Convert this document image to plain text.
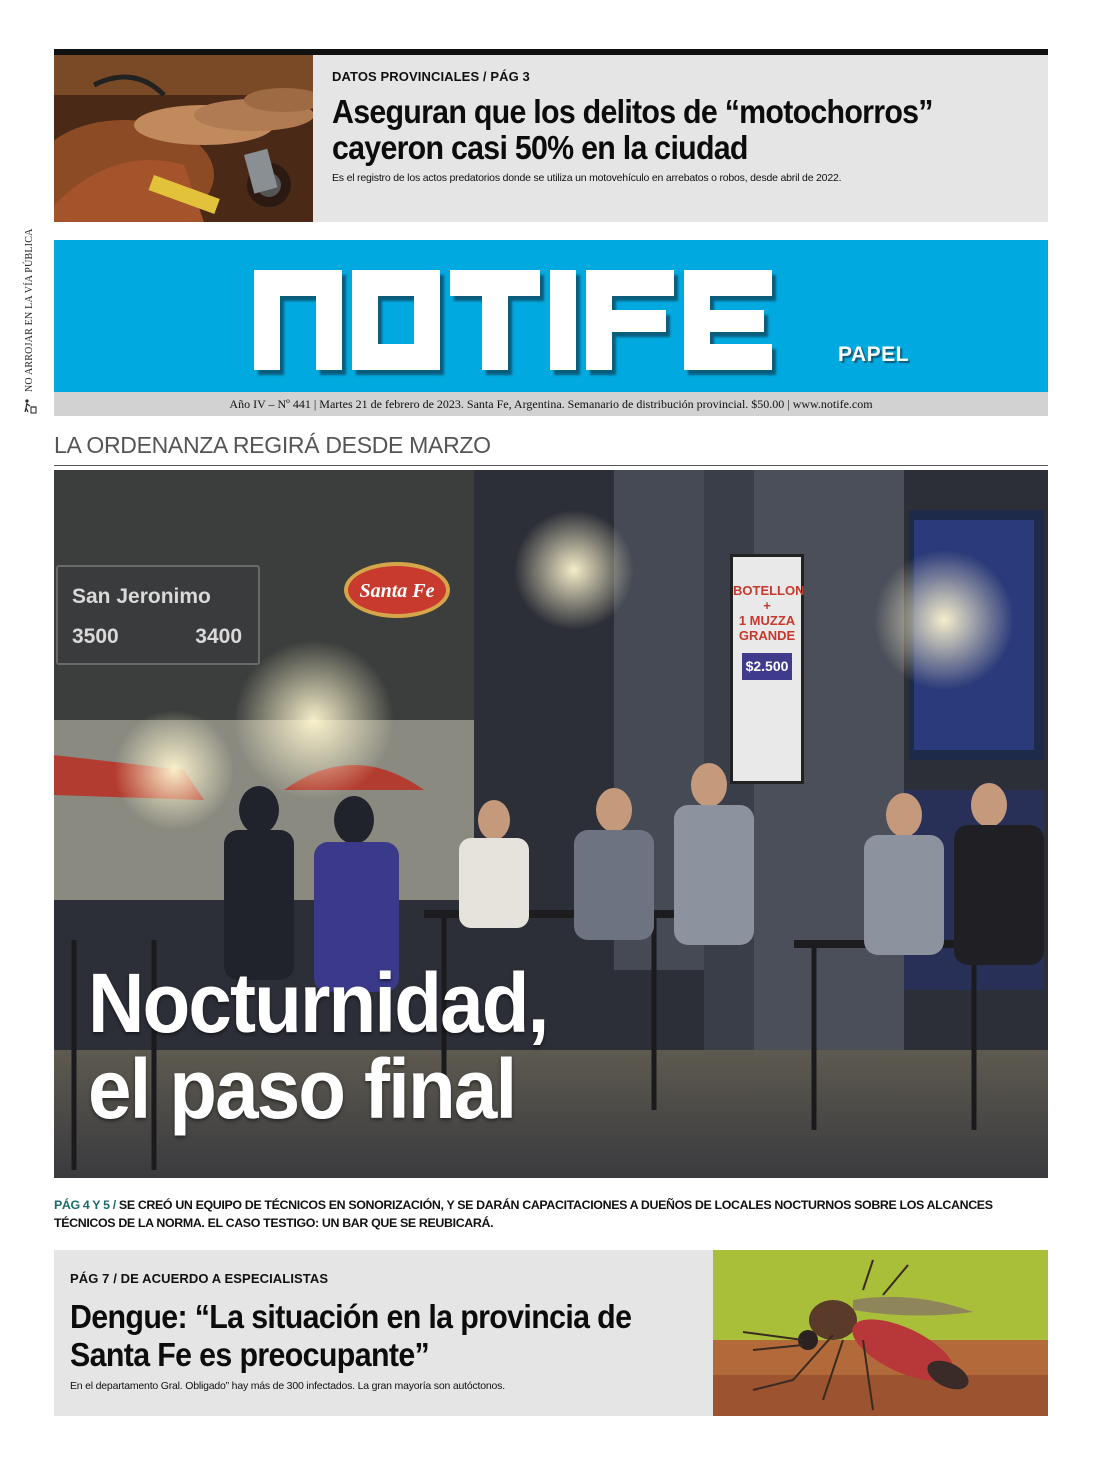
NO ARROJAR EN LA VÍA PÚBLICA
DATOS PROVINCIALES / PÁG 3
Aseguran que los delitos de “motochorros” cayeron casi 50% en la ciudad
Es el registro de los actos predatorios donde se utiliza un motovehículo en arrebatos o robos, desde abril de 2022.
PAPEL
Año IV – Nº 441 | Martes 21 de febrero de 2023. Santa Fe, Argentina. Semanario de distribución provincial. $50.00 | www.notife.com
LA ORDENANZA REGIRÁ DESDE MARZO
San Jeronimo
3500	3400
Santa Fe	BOTELLON
+
1 MUZZA
GRANDE
$2.500
Nocturnidad,
el paso final
PÁG 4 Y 5 / SE CREÓ UN EQUIPO DE TÉCNICOS EN SONORIZACIÓN, Y SE DARÁN CAPACITACIONES A DUEÑOS DE LOCALES NOCTURNOS SOBRE LOS ALCANCES TÉCNICOS DE LA NORMA. EL CASO TESTIGO: UN BAR QUE SE REUBICARÁ.
PÁG 7 / DE ACUERDO A ESPECIALISTAS
Dengue: “La situación en la provincia de Santa Fe es preocupante”
En el departamento Gral. Obligado” hay más de 300 infectados. La gran mayoría son autóctonos.
